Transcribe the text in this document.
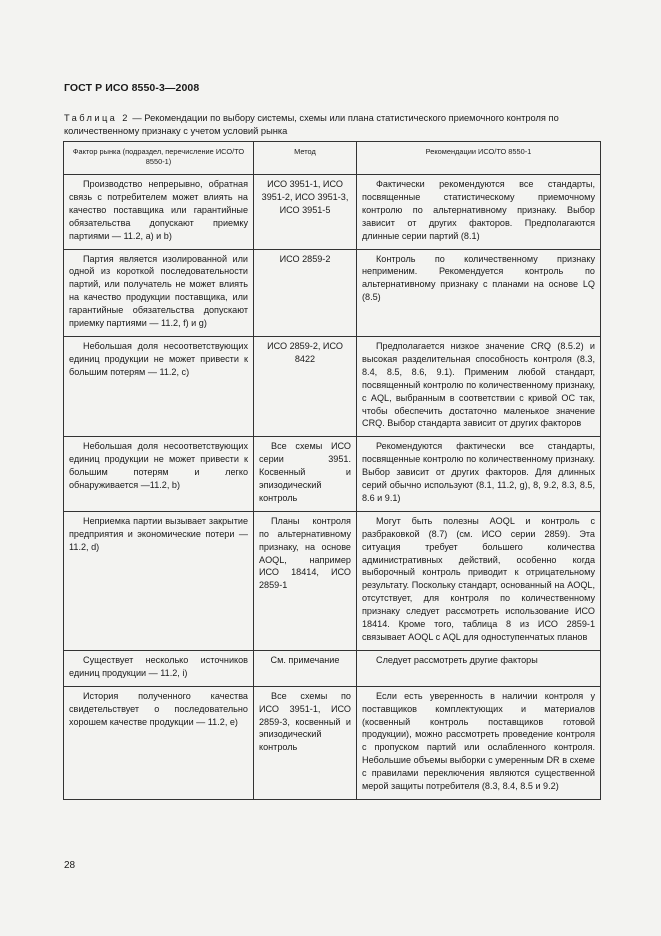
ГОСТ Р ИСО 8550-3—2008
Таблица 2 — Рекомендации по выбору системы, схемы или плана статистического приемочного контроля по количественному признаку с учетом условий рынка
Фактор рынка (подраздел, перечисление ИСО/ТО 8550-1)	Метод	Рекомендации ИСО/ТО 8550-1

Производство непрерывно, обратная связь с потребителем может влиять на качество поставщика или гарантийные обязательства допускают приемку партиями — 11.2, а) и b)	ИСО 3951-1, ИСО 3951-2, ИСО 3951-3, ИСО 3951-5	Фактически рекомендуются все стандарты, посвященные статистическому приемочному контролю по альтернативному признаку. Выбор зависит от других факторов. Предполагаются длинные серии партий (8.1)

Партия является изолированной или одной из короткой последовательности партий, или получатель не может влиять на качество продукции поставщика, или гарантийные обязательства допускают приемку партиями — 11.2, f) и g)	ИСО 2859-2	Контроль по количественному признаку неприменим. Рекомендуется контроль по альтернативному признаку с планами на основе LQ (8.5)

Небольшая доля несоответствующих единиц продукции не может привести к большим потерям — 11.2, с)	ИСО 2859-2, ИСО 8422	Предполагается низкое значение CRQ (8.5.2) и высокая разделительная способность контроля (8.3, 8.4, 8.5, 8.6, 9.1). Применим любой стандарт, посвященный контролю по количественному признаку, с AQL, выбранным в соответствии с кривой ОС так, чтобы обеспечить достаточно маленькое значение CRQ. Выбор стандарта зависит от других факторов

Небольшая доля несоответствующих единиц продукции не может привести к большим потерям и легко обнаруживается —11.2, b)	Все схемы ИСО серии 3951. Косвенный и эпизодический контроль	Рекомендуются фактически все стандарты, посвященные контролю по количественному признаку. Выбор зависит от других факторов. Для длинных серий обычно используют (8.1, 11.2, g), 8, 9.2, 8.3, 8.5, 8.6 и 9.1)

Неприемка партии вызывает закрытие предприятия и экономические потери — 11.2, d)	Планы контроля по альтернативному признаку, на основе AOQL, например ИСО 18414, ИСО 2859-1	Могут быть полезны AOQL и контроль с разбраковкой (8.7) (см. ИСО серии 2859). Эта ситуация требует большего количества административных действий, особенно когда выборочный контроль приводит к отрицательному результату. Поскольку стандарт, основанный на AOQL, отсутствует, для контроля по количественному признаку следует рассмотреть использование ИСО 18414. Кроме того, таблица 8 из ИСО 2859-1 связывает AOQL с AQL для одноступенчатых планов

Существует несколько источников единиц продукции — 11.2, i)	См. примечание	Следует рассмотреть другие факторы

История полученного качества свидетельствует о последовательно хорошем качестве продукции — 11.2, е)	Все схемы по ИСО 3951-1, ИСО 2859-3, косвенный и эпизодический контроль	Если есть уверенность в наличии контроля у поставщиков комплектующих и материалов (косвенный контроль поставщиков готовой продукции), можно рассмотреть проведение контроля с пропуском партий или ослабленного контроля. Небольшие объемы выборки с умеренным DR в схеме с правилами переключения являются существенной мерой защиты потребителя (8.3, 8.4, 8.5 и 9.2)
28
